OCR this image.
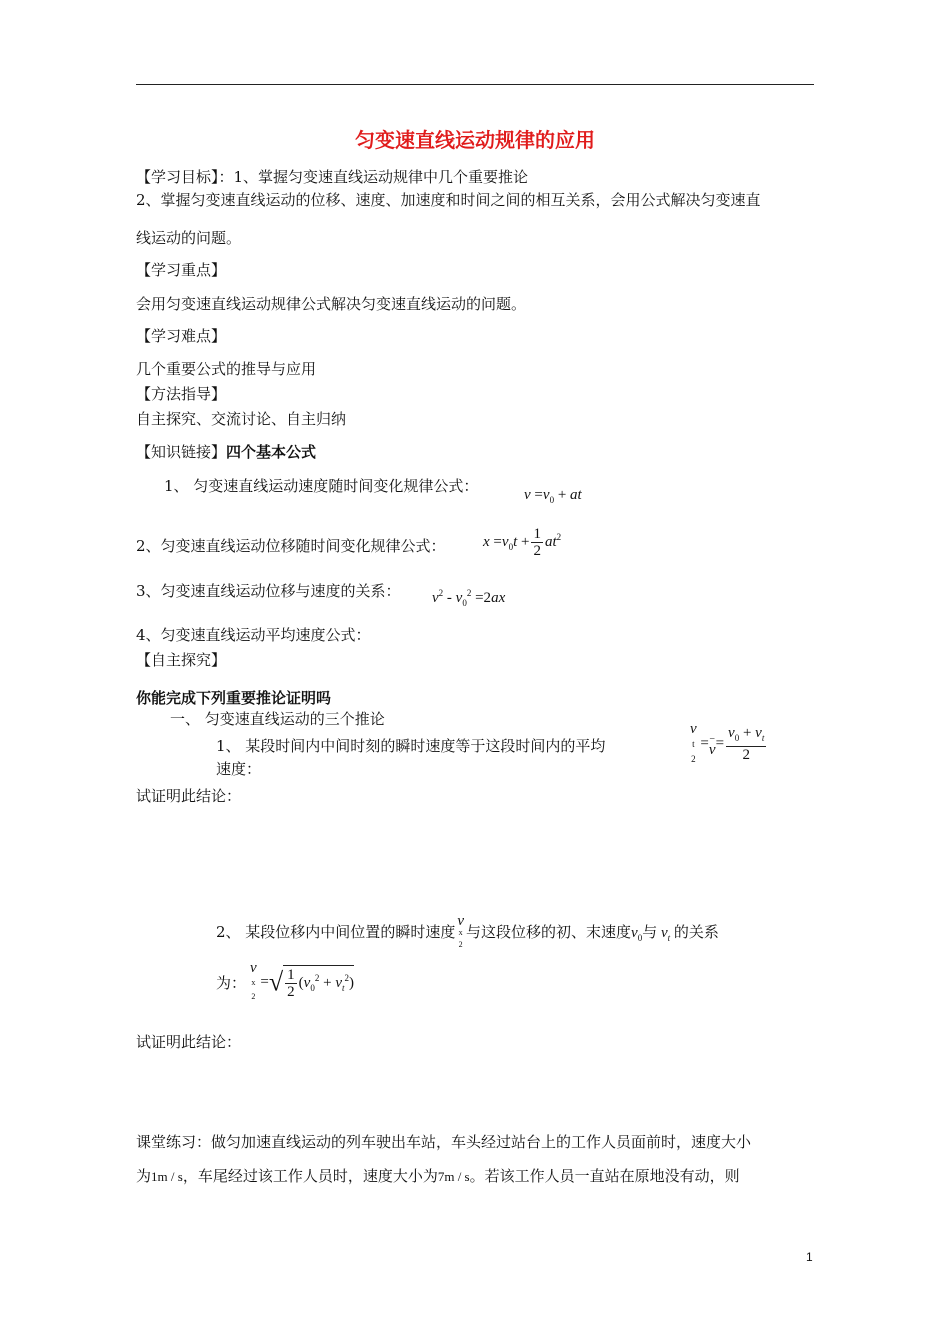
匀变速直线运动规律的应用
【学习目标】：1、掌握匀变速直线运动规律中几个重要推论
2、掌握匀变速直线运动的位移、速度、加速度和时间之间的相互关系，会用公式解决匀变速直
线运动的问题。
【学习重点】
会用匀变速直线运动规律公式解决匀变速直线运动的问题。
【学习难点】
几个重要公式的推导与应用
【方法指导】
自主探究、交流讨论、自主归纳
【知识链接】四个基本公式
1、 匀变速直线运动速度随时间变化规律公式：	$v =v_0$ + at
2、匀变速直线运动位移随时间变化规律公式： $x =v_0t + \frac{1}{2} at^2$
3、匀变速直线运动位移与速度的关系： $v^2 - v_0^2 =2ax$
4、匀变速直线运动平均速度公式：
【自主探究】
你能完成下列重要推论证明吗
一、 匀变速直线运动的三个推论
1、 某段时间内中间时刻的瞬时速度等于这段时间内的平均
v
t
2 =−
$v= \frac{v_0 + v_t}{2}$
速度：
试证明此结论：
2、 某段位移内中间位置的瞬时速度v
x
2与这段位移的初、末速度$v_0$与 $v_t$ 的关系
为：
v
x
2 =√ $\frac{1}{2} (v_0^2 + v_t^2)$
试证明此结论：
课堂练习：做匀加速直线运动的列车驶出车站，车头经过站台上的工作人员面前时，速度大小
为1m / s，车尾经过该工作人员时，速度大小为7m / s。若该工作人员一直站在原地没有动，则
1
